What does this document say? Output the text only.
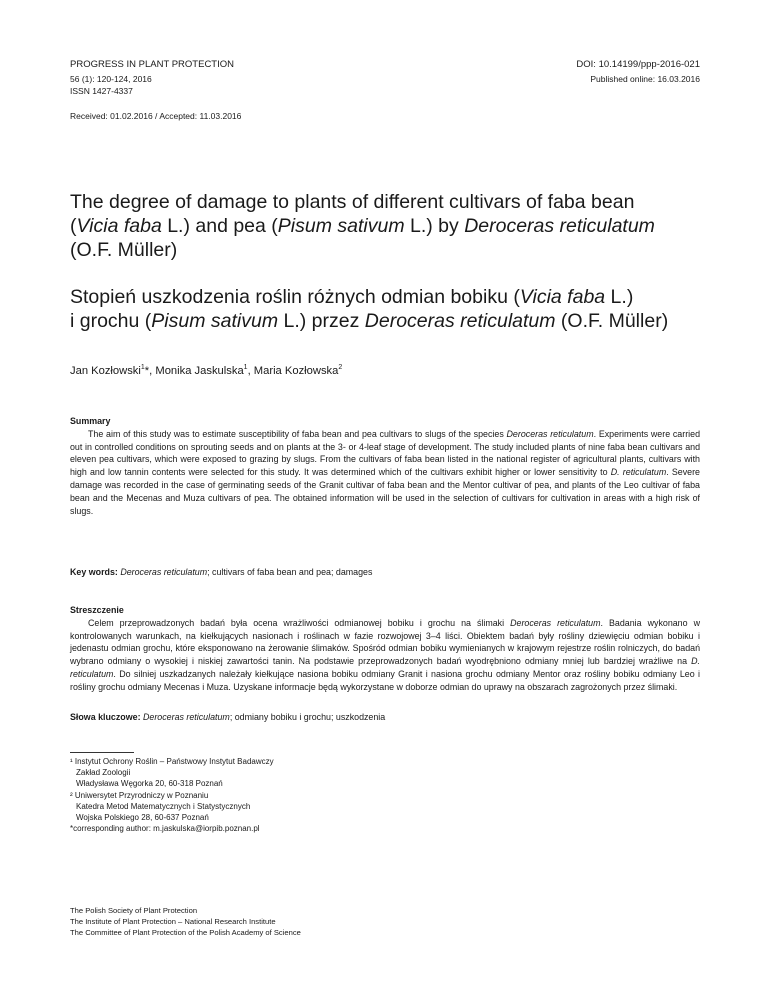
PROGRESS IN PLANT PROTECTION
56 (1): 120-124, 2016
ISSN 1427-4337
DOI: 10.14199/ppp-2016-021
Published online: 16.03.2016
Received: 01.02.2016 / Accepted: 11.03.2016
The degree of damage to plants of different cultivars of faba bean
(Vicia faba L.) and pea (Pisum sativum L.) by Deroceras reticulatum
(O.F. Müller)
Stopień uszkodzenia roślin różnych odmian bobiku (Vicia faba L.)
i grochu (Pisum sativum L.) przez Deroceras reticulatum (O.F. Müller)
Jan Kozłowski$^1$*, Monika Jaskulska$^1$, Maria Kozłowska$^2$
Summary
The aim of this study was to estimate susceptibility of faba bean and pea cultivars to slugs of the species Deroceras reticulatum. Experiments were carried out in controlled conditions on sprouting seeds and on plants at the 3- or 4-leaf stage of development. The study included plants of nine faba bean cultivars and eleven pea cultivars, which were exposed to grazing by slugs. From the cultivars of faba bean listed in the national register of agricultural plants, cultivars with high and low tannin contents were selected for this study. It was determined which of the cultivars exhibit higher or lower sensitivity to D. reticulatum. Severe damage was recorded in the case of germinating seeds of the Granit cultivar of faba bean and the Mentor cultivar of pea, and plants of the Leo cultivar of faba bean and the Mecenas and Muza cultivars of pea. The obtained information will be used in the selection of cultivars for cultivation in areas with a high risk of slugs.
Key words: Deroceras reticulatum; cultivars of faba bean and pea; damages
Streszczenie
Celem przeprowadzonych badań była ocena wrażliwości odmianowej bobiku i grochu na ślimaki Deroceras reticulatum. Badania wykonano w kontrolowanych warunkach, na kiełkujących nasionach i roślinach w fazie rozwojowej 3–4 liści. Obiektem badań były rośliny dziewięciu odmian bobiku i jedenastu odmian grochu, które eksponowano na żerowanie ślimaków. Spośród odmian bobiku wymienianych w krajowym rejestrze roślin rolniczych, do badań wybrano odmiany o wysokiej i niskiej zawartości tanin. Na podstawie przeprowadzonych badań wyodrębniono odmiany mniej lub bardziej wrażliwe na D. reticulatum. Do silniej uszkadzanych należały kiełkujące nasiona bobiku odmiany Granit i nasiona grochu odmiany Mentor oraz rośliny bobiku odmiany Leo i rośliny grochu odmiany Mecenas i Muza. Uzyskane informacje będą wykorzystane w doborze odmian do uprawy na obszarach zagrożonych przez ślimaki.
Słowa kluczowe: Deroceras reticulatum; odmiany bobiku i grochu; uszkodzenia
¹ Instytut Ochrony Roślin – Państwowy Instytut Badawczy
Zakład Zoologii
Władysława Węgorka 20, 60-318 Poznań
² Uniwersytet Przyrodniczy w Poznaniu
Katedra Metod Matematycznych i Statystycznych
Wojska Polskiego 28, 60-637 Poznań
*corresponding author: m.jaskulska@iorpib.poznan.pl
The Polish Society of Plant Protection
The Institute of Plant Protection – National Research Institute
The Committee of Plant Protection of the Polish Academy of Science
